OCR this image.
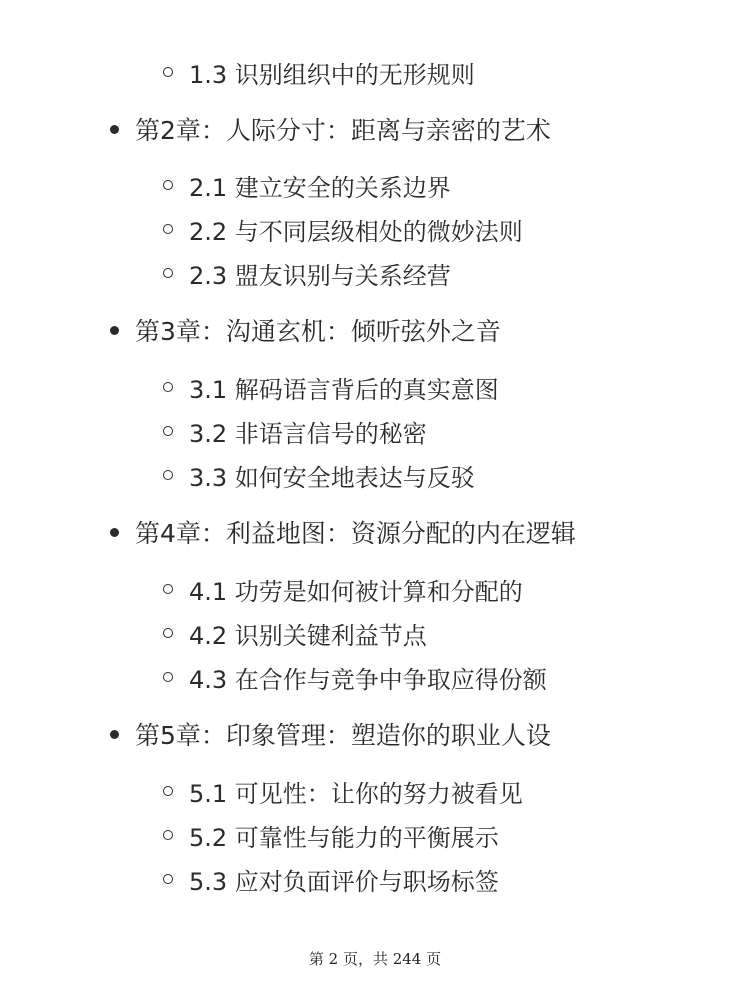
1.3 识别组织中的无形规则
第2章：人际分寸：距离与亲密的艺术
2.1 建立安全的关系边界
2.2 与不同层级相处的微妙法则
2.3 盟友识别与关系经营
第3章：沟通玄机：倾听弦外之音
3.1 解码语言背后的真实意图
3.2 非语言信号的秘密
3.3 如何安全地表达与反驳
第4章：利益地图：资源分配的内在逻辑
4.1 功劳是如何被计算和分配的
4.2 识别关键利益节点
4.3 在合作与竞争中争取应得份额
第5章：印象管理：塑造你的职业人设
5.1 可见性：让你的努力被看见
5.2 可靠性与能力的平衡展示
5.3 应对负面评价与职场标签
第 2 页，共 244 页
